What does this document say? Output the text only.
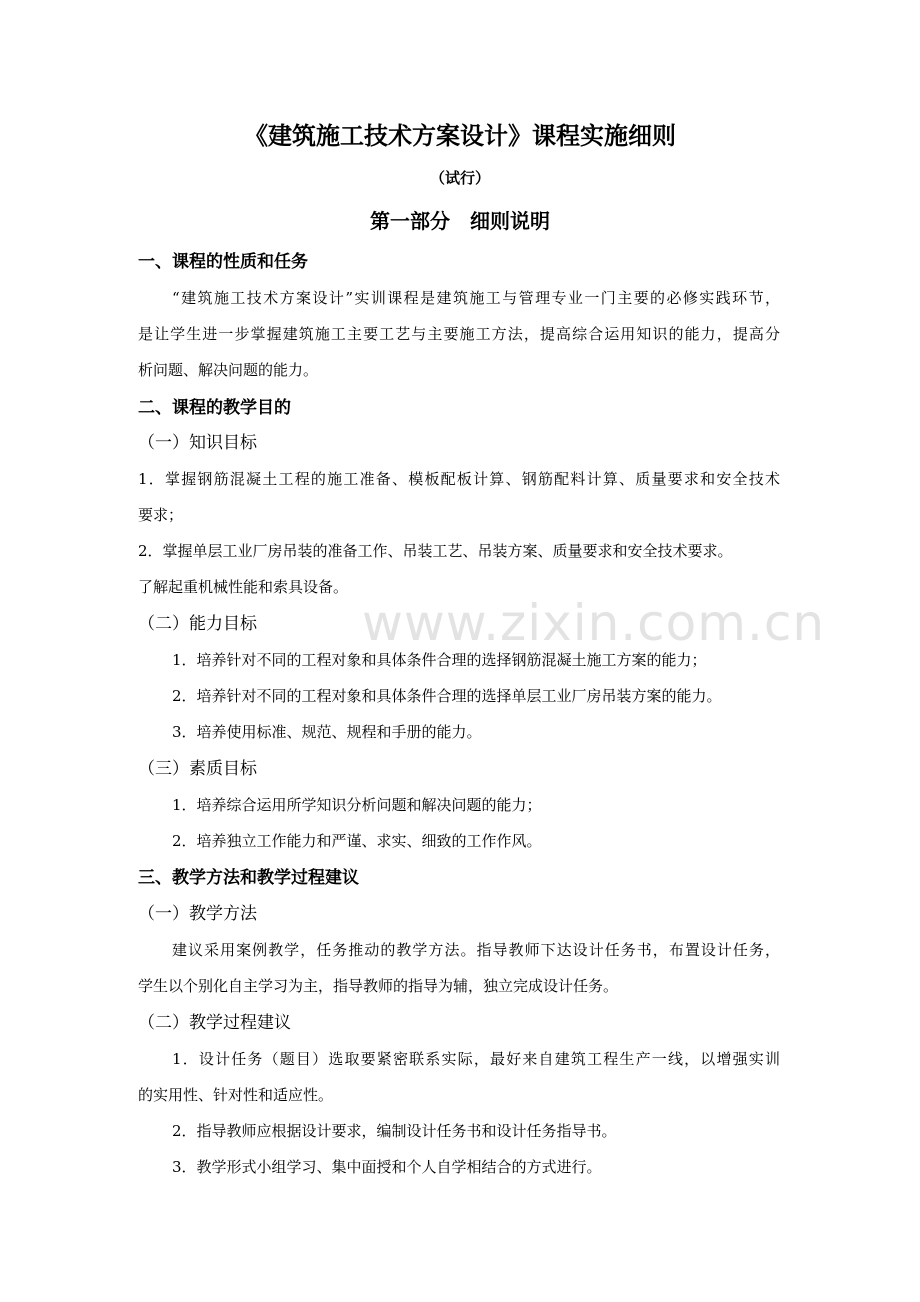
www.zixin.com.cn
《建筑施工技术方案设计》课程实施细则
（试行）
第一部分　细则说明
一、课程的性质和任务
“建筑施工技术方案设计”实训课程是建筑施工与管理专业一门主要的必修实践环节，
是让学生进一步掌握建筑施工主要工艺与主要施工方法，提高综合运用知识的能力，提高分
析问题、解决问题的能力。
二、课程的教学目的
（一）知识目标
1．掌握钢筋混凝土工程的施工准备、模板配板计算、钢筋配料计算、质量要求和安全技术
要求；
2．掌握单层工业厂房吊装的准备工作、吊装工艺、吊装方案、质量要求和安全技术要求。
了解起重机械性能和索具设备。
（二）能力目标
1．培养针对不同的工程对象和具体条件合理的选择钢筋混凝土施工方案的能力；
2．培养针对不同的工程对象和具体条件合理的选择单层工业厂房吊装方案的能力。
3．培养使用标准、规范、规程和手册的能力。
（三）素质目标
1．培养综合运用所学知识分析问题和解决问题的能力；
2．培养独立工作能力和严谨、求实、细致的工作作风。
三、教学方法和教学过程建议
（一）教学方法
建议采用案例教学，任务推动的教学方法。指导教师下达设计任务书，布置设计任务，
学生以个别化自主学习为主，指导教师的指导为辅，独立完成设计任务。
（二）教学过程建议
1．设计任务（题目）选取要紧密联系实际，最好来自建筑工程生产一线，以增强实训
的实用性、针对性和适应性。
2．指导教师应根据设计要求，编制设计任务书和设计任务指导书。
3．教学形式小组学习、集中面授和个人自学相结合的方式进行。
